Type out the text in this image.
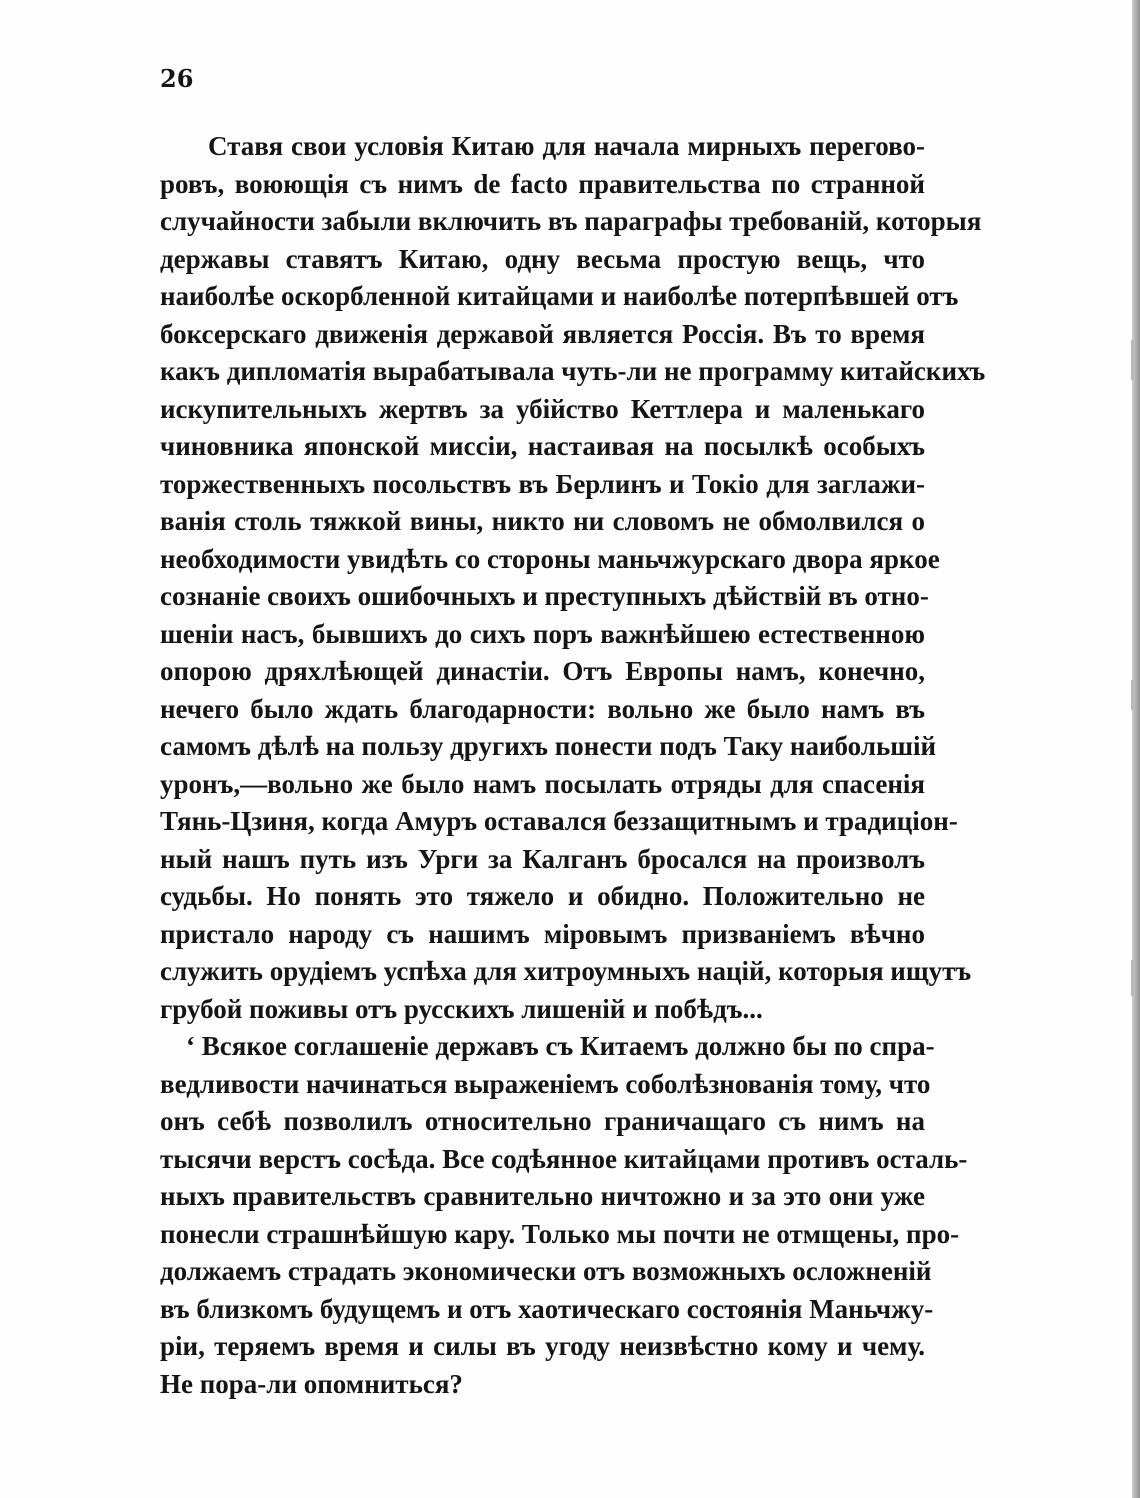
26
Ставя свои условія Китаю для начала мирныхъ перегово-
ровъ, воюющія съ нимъ de facto правительства по странной
случайности забыли включить въ параграфы требованій, которыя
державы ставятъ Китаю, одну весьма простую вещь, что
наиболѣе оскорбленной китайцами и наиболѣе потерпѣвшей отъ
боксерскаго движенія державой является Россія. Въ то время
какъ дипломатія вырабатывала чуть-ли не программу китайскихъ
искупительныхъ жертвъ за убійство Кеттлера и маленькаго
чиновника японской миссіи, настаивая на посылкѣ особыхъ
торжественныхъ посольствъ въ Берлинъ и Токіо для заглажи-
ванія столь тяжкой вины, никто ни словомъ не обмолвился о
необходимости увидѣть со стороны маньчжурскаго двора яркое
сознаніе своихъ ошибочныхъ и преступныхъ дѣйствій въ отно-
шеніи насъ, бывшихъ до сихъ поръ важнѣйшею естественною
опорою дряхлѣющей династіи. Отъ Европы намъ, конечно,
нечего было ждать благодарности: вольно же было намъ въ
самомъ дѣлѣ на пользу другихъ понести подъ Таку наибольшій
уронъ,—вольно же было намъ посылать отряды для спасенія
Тянь-Цзиня, когда Амуръ оставался беззащитнымъ и традиціон-
ный нашъ путь изъ Урги за Калганъ бросался на произволъ
судьбы. Но понять это тяжело и обидно. Положительно не
пристало народу съ нашимъ міровымъ призваніемъ вѣчно
служить орудіемъ успѣха для хитроумныхъ націй, которыя ищутъ
грубой поживы отъ русскихъ лишеній и побѣдъ...
ʻ Всякое соглашеніе державъ съ Китаемъ должно бы по спра-
ведливости начинаться выраженіемъ соболѣзнованія тому, что
онъ себѣ позволилъ относительно граничащаго съ нимъ на
тысячи верстъ сосѣда. Все содѣянное китайцами противъ осталь-
ныхъ правительствъ сравнительно ничтожно и за это они уже
понесли страшнѣйшую кару. Только мы почти не отмщены, про-
должаемъ страдать экономически отъ возможныхъ осложненій
въ близкомъ будущемъ и отъ хаотическаго состоянія Маньчжу-
ріи, теряемъ время и силы въ угоду неизвѣстно кому и чему.
Не пора-ли опомниться?
